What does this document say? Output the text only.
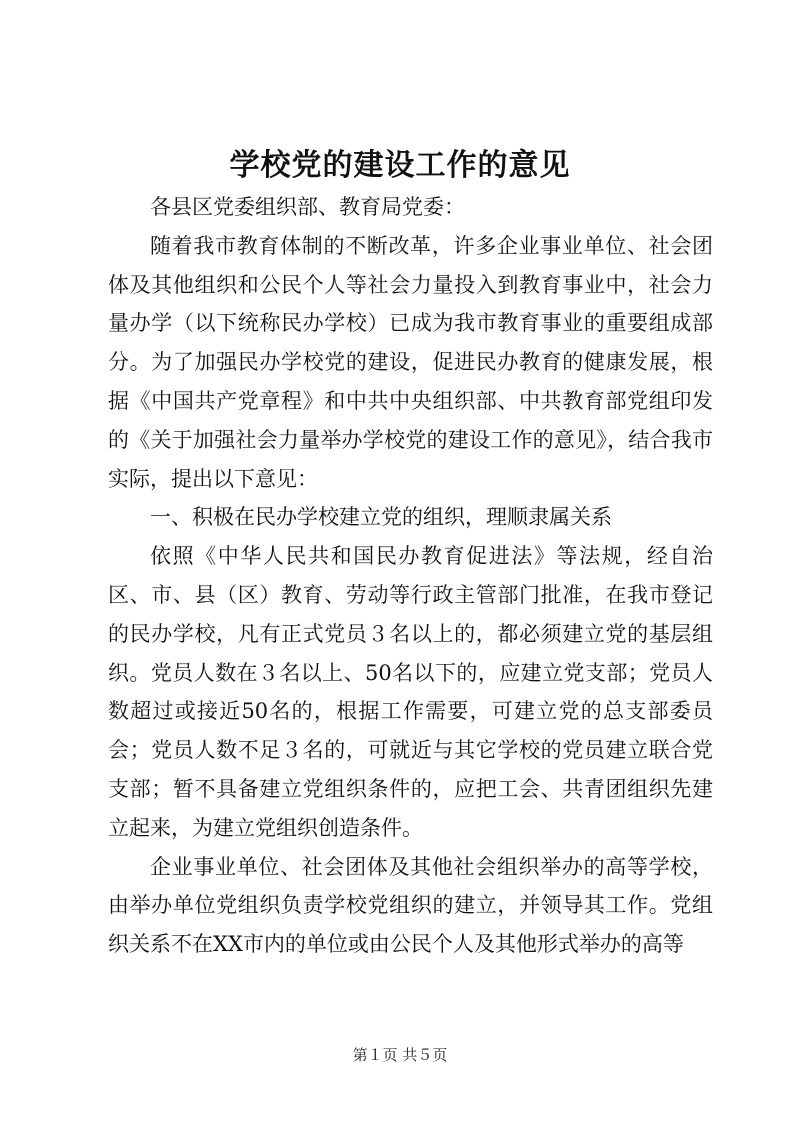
学校党的建设工作的意见

各县区党委组织部、教育局党委：

随着我市教育体制的不断改革，许多企业事业单位、社会团体及其他组织和公民个人等社会力量投入到教育事业中，社会力量办学（以下统称民办学校）已成为我市教育事业的重要组成部分。为了加强民办学校党的建设，促进民办教育的健康发展，根据《中国共产党章程》和中共中央组织部、中共教育部党组印发的《关于加强社会力量举办学校党的建设工作的意见》，结合我市实际，提出以下意见：

一、积极在民办学校建立党的组织，理顺隶属关系

依照《中华人民共和国民办教育促进法》等法规，经自治区、市、县（区）教育、劳动等行政主管部门批准，在我市登记的民办学校，凡有正式党员３名以上的，都必须建立党的基层组织。党员人数在３名以上、50名以下的，应建立党支部；党员人数超过或接近50名的，根据工作需要，可建立党的总支部委员会；党员人数不足３名的，可就近与其它学校的党员建立联合党支部；暂不具备建立党组织条件的，应把工会、共青团组织先建立起来，为建立党组织创造条件。

企业事业单位、社会团体及其他社会组织举办的高等学校，由举办单位党组织负责学校党组织的建立，并领导其工作。党组织关系不在XX市内的单位或由公民个人及其他形式举办的高等

第１页 共５页
